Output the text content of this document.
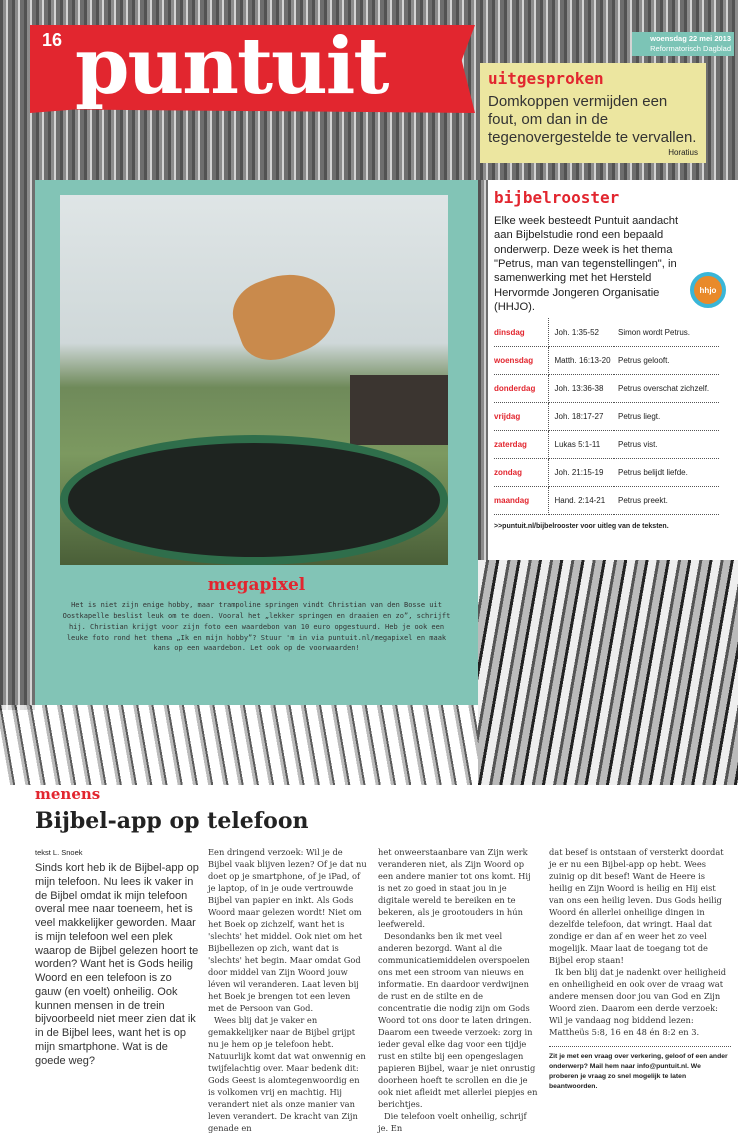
16 puntuit	woensdag 22 mei 2013
Reformatorisch Dagblad
uitgesproken

Domkoppen vermijden een fout, om dan in de tegenovergestelde te vervallen.

Horatius
megapixel
Het is niet zijn enige hobby, maar trampoline springen vindt Christian van den Bosse uit Oostkapelle beslist leuk om te doen. Vooral het „lekker springen en draaien en zo”, schrijft hij. Christian krijgt voor zijn foto een waardebon van 10 euro opgestuurd. Heb je ook een leuke foto rond het thema „Ik en mijn hobby”? Stuur 'm in via puntuit.nl/megapixel en maak kans op een waardebon. Let ook op de voorwaarden!
bijbelrooster
hhjo

Elke week besteedt Puntuit aandacht aan Bijbelstudie rond een bepaald onderwerp. Deze week is het thema "Petrus, man van tegenstellingen", in samenwerking met het Hersteld Hervormde Jongeren Organisatie (HHJO).

dinsdag	Joh. 1:35-52	Simon wordt Petrus.
woensdag	Matth. 16:13-20	Petrus gelooft.
donderdag	Joh. 13:36-38	Petrus overschat zichzelf.
vrijdag	Joh. 18:17-27	Petrus liegt.
zaterdag	Lukas 5:1-11	Petrus vist.
zondag	Joh. 21:15-19	Petrus belijdt liefde.
maandag	Hand. 2:14-21	Petrus preekt.
>>puntuit.nl/bijbelrooster voor uitleg van de teksten.
menens
Bijbel-app op telefoon
tekst L. Snoek
Sinds kort heb ik de Bijbel-app op mijn telefoon. Nu lees ik vaker in de Bijbel omdat ik mijn telefoon overal mee naar toeneem, het is veel makkelijker geworden. Maar is mijn telefoon wel een plek waarop de Bijbel gelezen hoort te worden? Want het is Gods heilig Woord en een telefoon is zo gauw (en voelt) onheilig. Ook kunnen mensen in de trein bijvoorbeeld niet meer zien dat ik in de Bijbel lees, want het is op mijn smartphone. Wat is de goede weg?

Een dringend verzoek: Wil je de Bijbel vaak blijven lezen? Of je dat nu doet op je smartphone, of je iPad, of je laptop, of in je oude vertrouwde Bijbel van papier en inkt. Als Gods Woord maar gelezen wordt! Niet om het Boek op zichzelf, want het is 'slechts' het middel. Ook niet om het Bijbellezen op zich, want dat is 'slechts' het begin. Maar omdat God door middel van Zijn Woord jouw léven wil veranderen. Laat leven bij het Boek je brengen tot een leven met de Persoon van God.

Wees blij dat je vaker en gemakkelijker naar de Bijbel grijpt nu je hem op je telefoon hebt. Natuurlijk komt dat wat onwennig en twijfelachtig over. Maar bedenk dit: Gods Geest is alomtegenwoordig en is volkomen vrij en machtig. Hij verandert niet als onze manier van leven verandert. De kracht van Zijn genade en

het onweerstaanbare van Zijn werk veranderen niet, als Zijn Woord op een andere manier tot ons komt. Hij is net zo goed in staat jou in je digitale wereld te bereiken en te bekeren, als je grootouders in hún leefwereld.

Desondanks ben ik met veel anderen bezorgd. Want al die communicatiemiddelen overspoelen ons met een stroom van nieuws en informatie. En daardoor verdwijnen de rust en de stilte en de concentratie die nodig zijn om Gods Woord tot ons door te laten dringen. Daarom een tweede verzoek: zorg in ieder geval elke dag voor een tijdje rust en stilte bij een opengeslagen papieren Bijbel, waar je niet onrustig doorheen hoeft te scrollen en die je ook niet afleidt met allerlei piepjes en berichtjes.

Die telefoon voelt onheilig, schrijf je. En

dat besef is ontstaan of versterkt doordat je er nu een Bijbel-app op hebt. Wees zuinig op dit besef! Want de Heere is heilig en Zijn Woord is heilig en Hij eist van ons een heilig leven. Dus Gods heilig Woord én allerlei onheilige dingen in dezelfde telefoon, dat wringt. Haal dat zondige er dan af en weer het zo veel mogelijk. Maar laat de toegang tot de Bijbel erop staan!

Ik ben blij dat je nadenkt over heiligheid en onheiligheid en ook over de vraag wat andere mensen door jou van God en Zijn Woord zien. Daarom een derde verzoek: Wil je vandaag nog biddend lezen: Mattheüs 5:8, 16 en 48 én 8:2 en 3.

Zit je met een vraag over verkering, geloof of een ander onderwerp? Mail hem naar info@puntuit.nl. We proberen je vraag zo snel mogelijk te laten beantwoorden.
